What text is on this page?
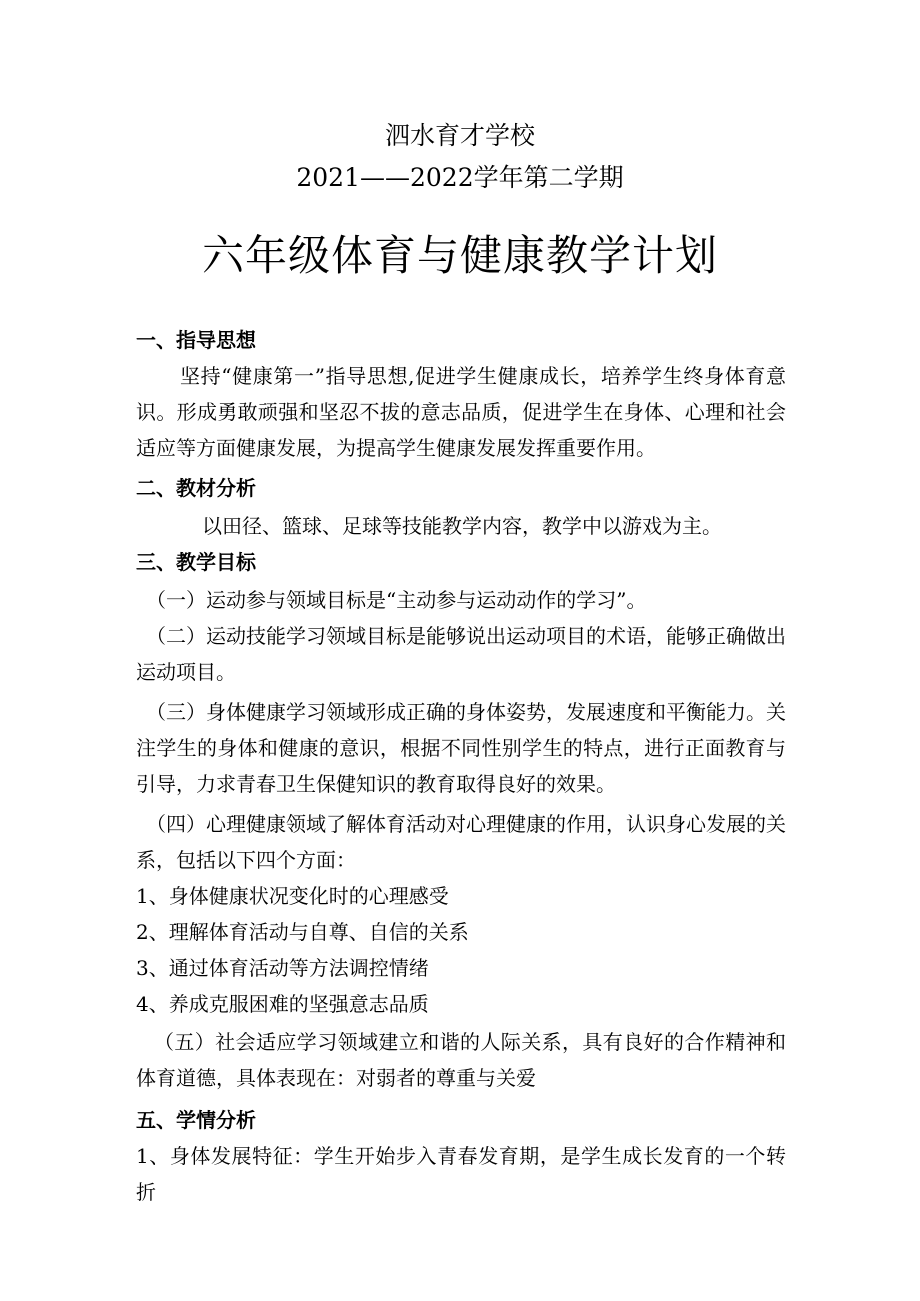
泗水育才学校
2021——2022学年第二学期
六年级体育与健康教学计划
一、指导思想
坚持“健康第一”指导思想,促进学生健康成长，培养学生终身体育意识。形成勇敢顽强和坚忍不拔的意志品质，促进学生在身体、心理和社会适应等方面健康发展，为提高学生健康发展发挥重要作用。
二、教材分析
以田径、篮球、足球等技能教学内容，教学中以游戏为主。
三、教学目标
（一）运动参与领域目标是“主动参与运动动作的学习”。
（二）运动技能学习领域目标是能够说出运动项目的术语，能够正确做出运动项目。
（三）身体健康学习领域形成正确的身体姿势，发展速度和平衡能力。关注学生的身体和健康的意识，根据不同性别学生的特点，进行正面教育与引导，力求青春卫生保健知识的教育取得良好的效果。
（四）心理健康领域了解体育活动对心理健康的作用，认识身心发展的关系，包括以下四个方面：
1、身体健康状况变化时的心理感受
2、理解体育活动与自尊、自信的关系
3、通过体育活动等方法调控情绪
4、养成克服困难的坚强意志品质
（五）社会适应学习领域建立和谐的人际关系，具有良好的合作精神和体育道德，具体表现在：对弱者的尊重与关爱
五、学情分析
1、身体发展特征：学生开始步入青春发育期，是学生成长发育的一个转折
